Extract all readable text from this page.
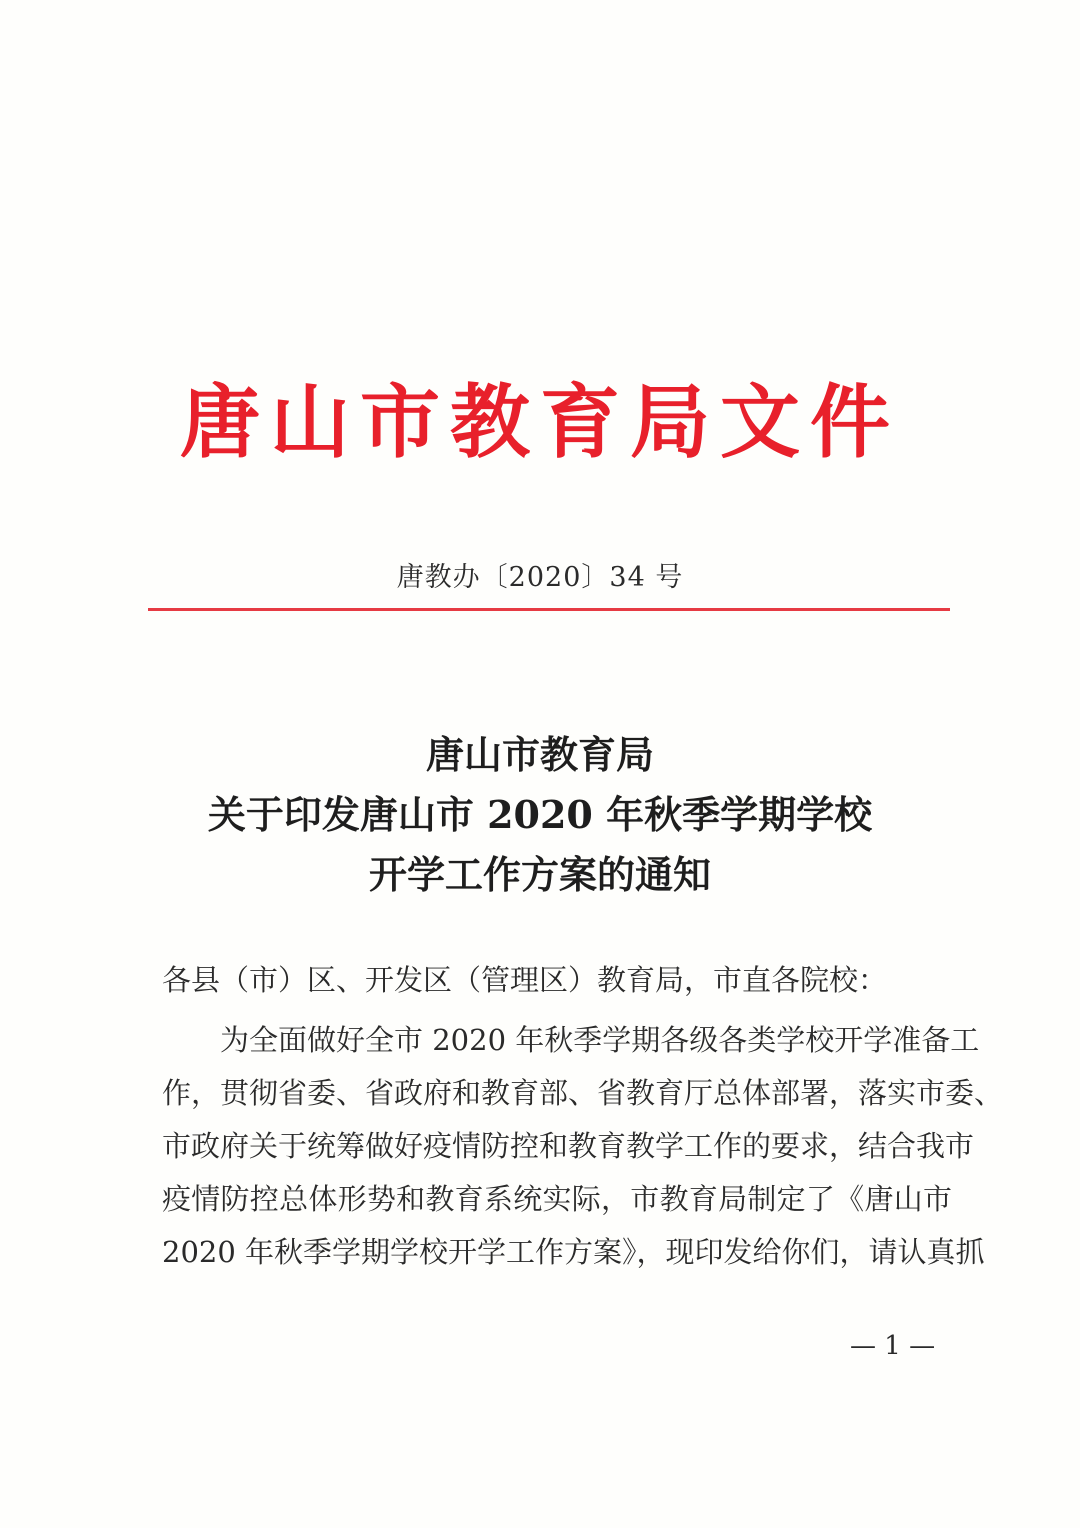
唐山市教育局文件
唐教办〔2020〕34 号
唐山市教育局
关于印发唐山市 2020 年秋季学期学校
开学工作方案的通知
各县（市）区、开发区（管理区）教育局，市直各院校：
为全面做好全市 2020 年秋季学期各级各类学校开学准备工
作，贯彻省委、省政府和教育部、省教育厅总体部署，落实市委、
市政府关于统筹做好疫情防控和教育教学工作的要求，结合我市
疫情防控总体形势和教育系统实际，市教育局制定了《唐山市
2020 年秋季学期学校开学工作方案》，现印发给你们，请认真抓
— 1 —
